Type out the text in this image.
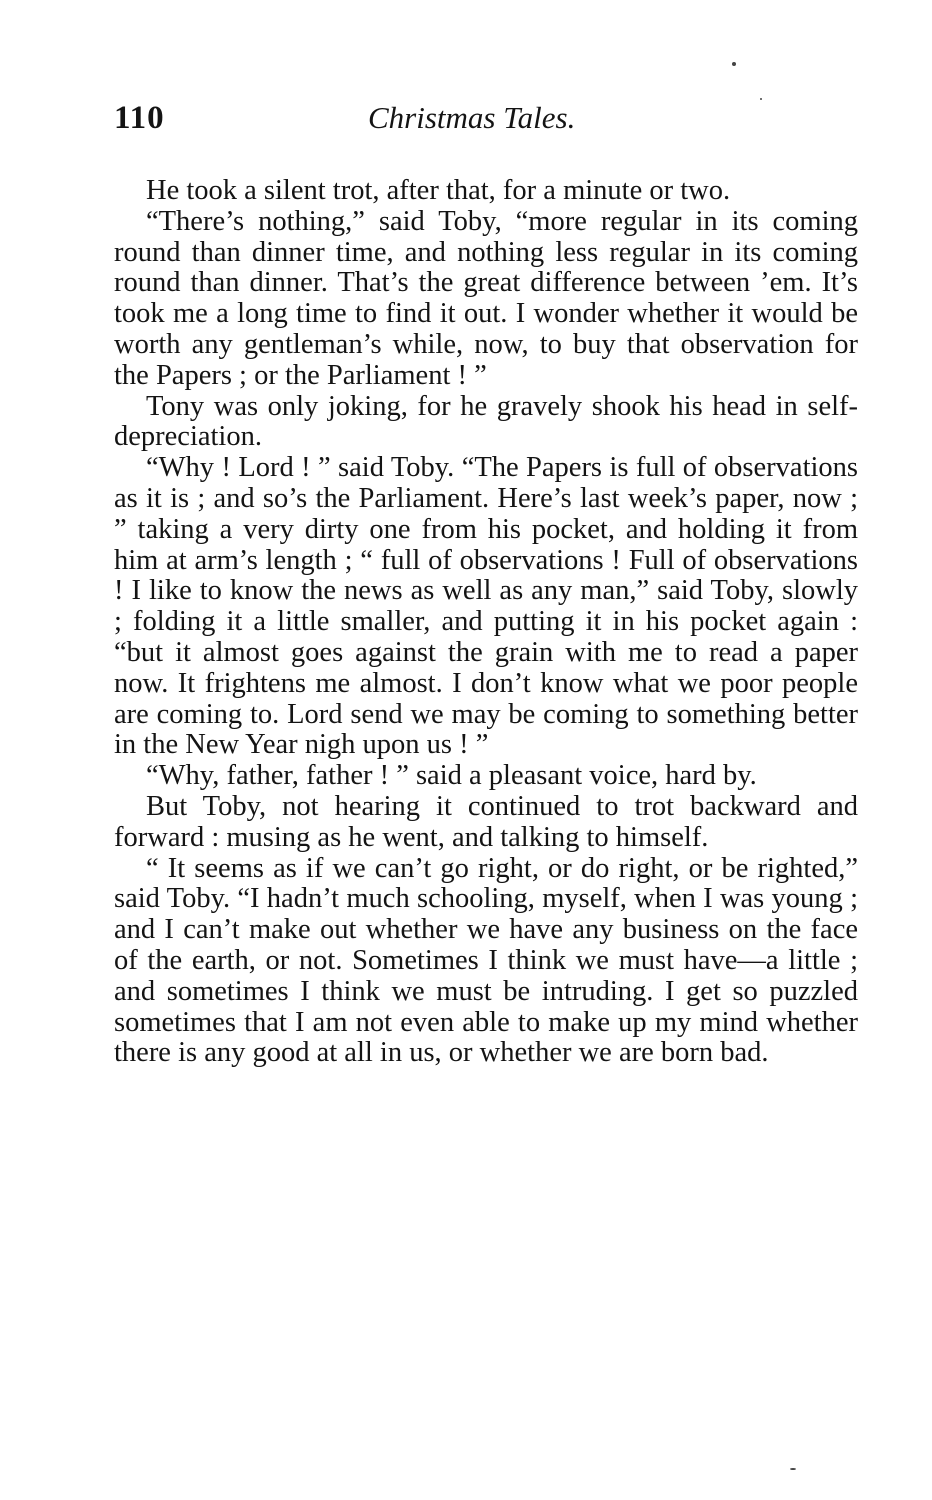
110	Christmas Tales.

He took a silent trot, after that, for a minute or two.

“There’s nothing,” said Toby, “more regular in its coming round than dinner time, and nothing less regular in its coming round than dinner. That’s the great difference between ’em. It’s took me a long time to find it out. I wonder whether it would be worth any gentleman’s while, now, to buy that observation for the Papers ; or the Parliament ! ”

Tony was only joking, for he gravely shook his head in self-depreciation.

“Why ! Lord ! ” said Toby. “The Papers is full of observations as it is ; and so’s the Parliament. Here’s last week’s paper, now ; ” taking a very dirty one from his pocket, and holding it from him at arm’s length ; “ full of observations ! Full of observations ! I like to know the news as well as any man,” said Toby, slowly ; folding it a little smaller, and putting it in his pocket again : “but it almost goes against the grain with me to read a paper now. It frightens me almost. I don’t know what we poor people are coming to. Lord send we may be coming to something better in the New Year nigh upon us ! ”

“Why, father, father ! ” said a pleasant voice, hard by.

But Toby, not hearing it continued to trot backward and forward : musing as he went, and talking to himself.

“ It seems as if we can’t go right, or do right, or be righted,” said Toby. “I hadn’t much schooling, myself, when I was young ; and I can’t make out whether we have any business on the face of the earth, or not. Sometimes I think we must have—a little ; and sometimes I think we must be intruding. I get so puzzled sometimes that I am not even able to make up my mind whether there is any good at all in us, or whether we are born bad.
